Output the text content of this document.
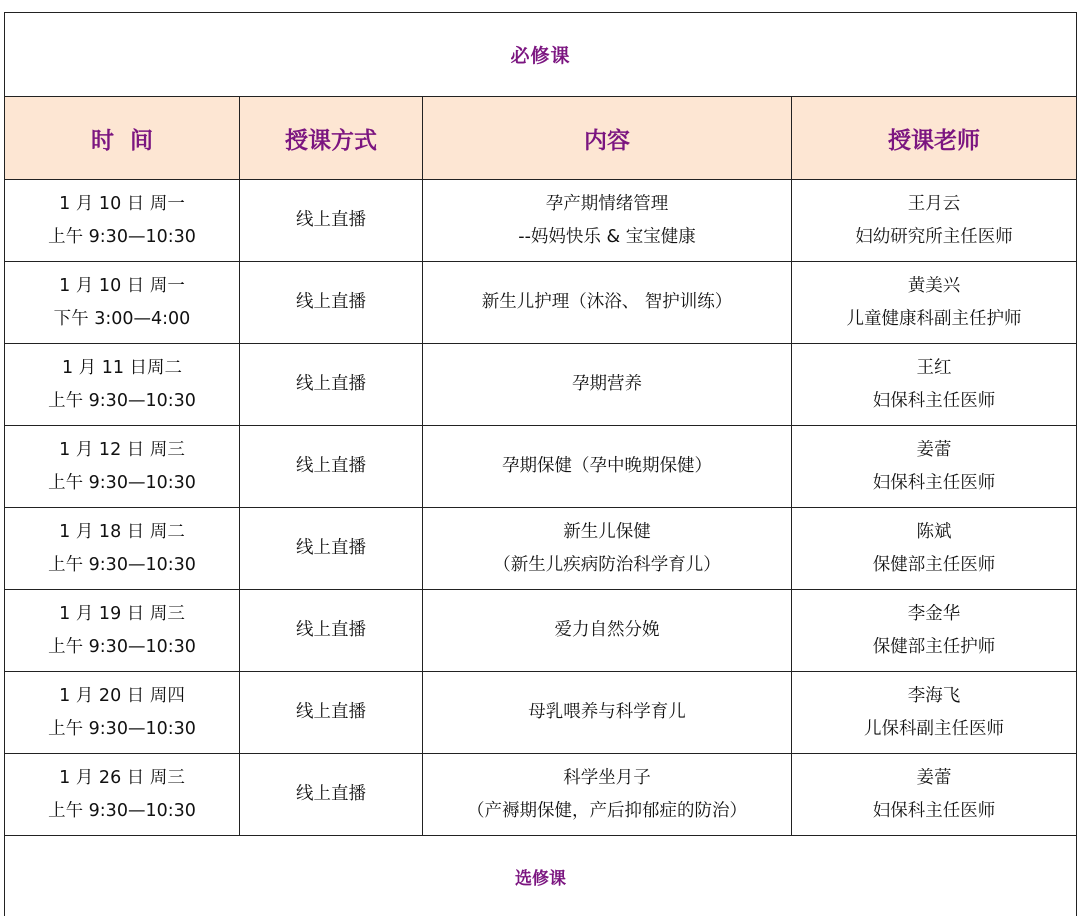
必修课			
时  间	授课方式	内容	授课老师

1 月 10 日 周一
上午 9:30—10:30	线上直播	孕产期情绪管理
--妈妈快乐 & 宝宝健康	王月云
妇幼研究所主任医师

1 月 10 日 周一
下午 3:00—4:00	线上直播	新生儿护理（沐浴、 智护训练）	黄美兴
儿童健康科副主任护师

1 月 11 日周二
上午 9:30—10:30	线上直播	孕期营养	王红
妇保科主任医师

1 月 12 日 周三
上午 9:30—10:30	线上直播	孕期保健（孕中晚期保健）	姜蕾
妇保科主任医师

1 月 18 日 周二
上午 9:30—10:30	线上直播	新生儿保健
（新生儿疾病防治科学育儿）	陈斌
保健部主任医师

1 月 19 日 周三
上午 9:30—10:30	线上直播	爱力自然分娩	李金华
保健部主任护师

1 月 20 日 周四
上午 9:30—10:30	线上直播	母乳喂养与科学育儿	李海飞
儿保科副主任医师

1 月 26 日 周三
上午 9:30—10:30	线上直播	科学坐月子
（产褥期保健，产后抑郁症的防治）	姜蕾
妇保科主任医师

选修课			
